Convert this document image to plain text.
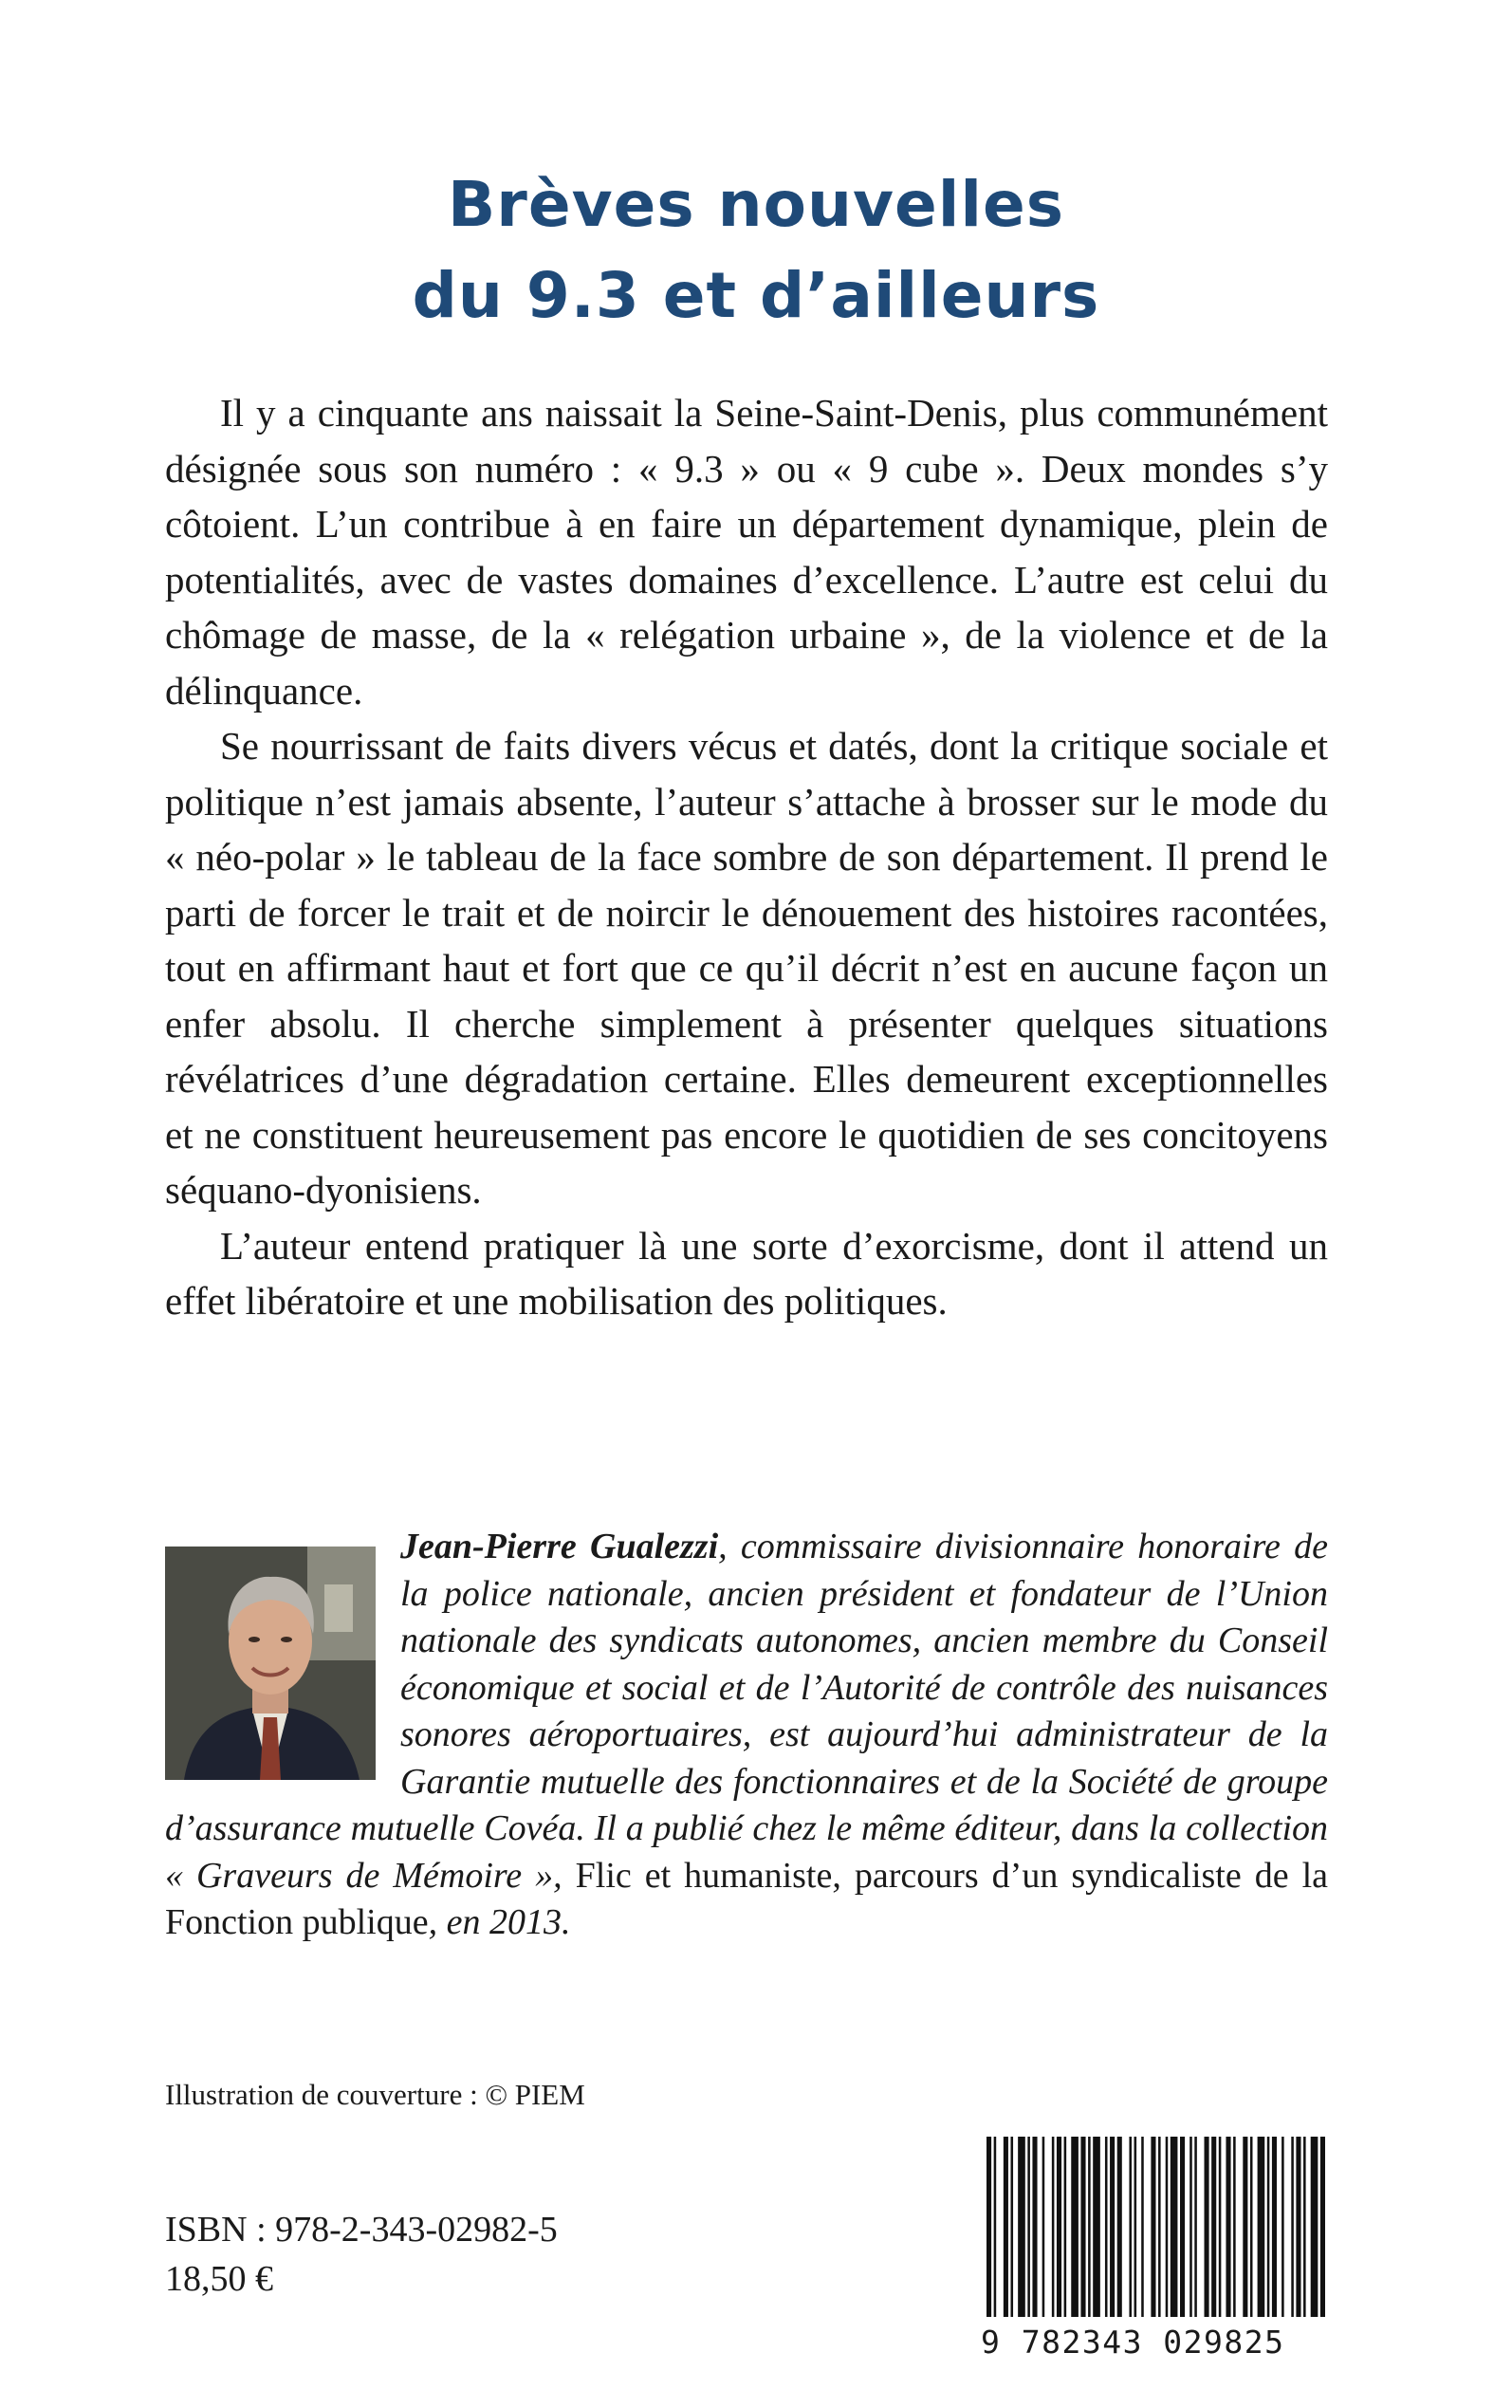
Brèves nouvelles
du 9.3 et d’ailleurs

Il y a cinquante ans naissait la Seine-Saint-Denis, plus communément désignée sous son numéro : « 9.3 » ou « 9 cube ». Deux mondes s’y côtoient. L’un contribue à en faire un département dynamique, plein de potentialités, avec de vastes domaines d’excellence. L’autre est celui du chômage de masse, de la « relégation urbaine », de la violence et de la délinquance.

Se nourrissant de faits divers vécus et datés, dont la critique sociale et politique n’est jamais absente, l’auteur s’attache à brosser sur le mode du « néo-polar » le tableau de la face sombre de son département. Il prend le parti de forcer le trait et de noircir le dénouement des histoires racontées, tout en affirmant haut et fort que ce qu’il décrit n’est en aucune façon un enfer absolu. Il cherche simplement à présenter quelques situations révélatrices d’une dégradation certaine. Elles demeurent exceptionnelles et ne constituent heureusement pas encore le quotidien de ses concitoyens séquano-dyonisiens.

L’auteur entend pratiquer là une sorte d’exorcisme, dont il attend un effet libératoire et une mobilisation des politiques.

Jean-Pierre Gualezzi, commissaire divisionnaire honoraire de la police nationale, ancien président et fondateur de l’Union nationale des syndicats autonomes, ancien membre du Conseil économique et social et de l’Autorité de contrôle des nuisances sonores aéroportuaires, est aujourd’hui administrateur de la Garantie mutuelle des fonctionnaires et de la Société de groupe d’assurance mutuelle Covéa. Il a publié chez le même éditeur, dans la collection « Graveurs de Mémoire », Flic et humaniste, parcours d’un syndicaliste de la Fonction publique, en 2013.
Illustration de couverture : © PIEM
ISBN : 978-2-343-02982-5
18,50 €
9 782343 029825
